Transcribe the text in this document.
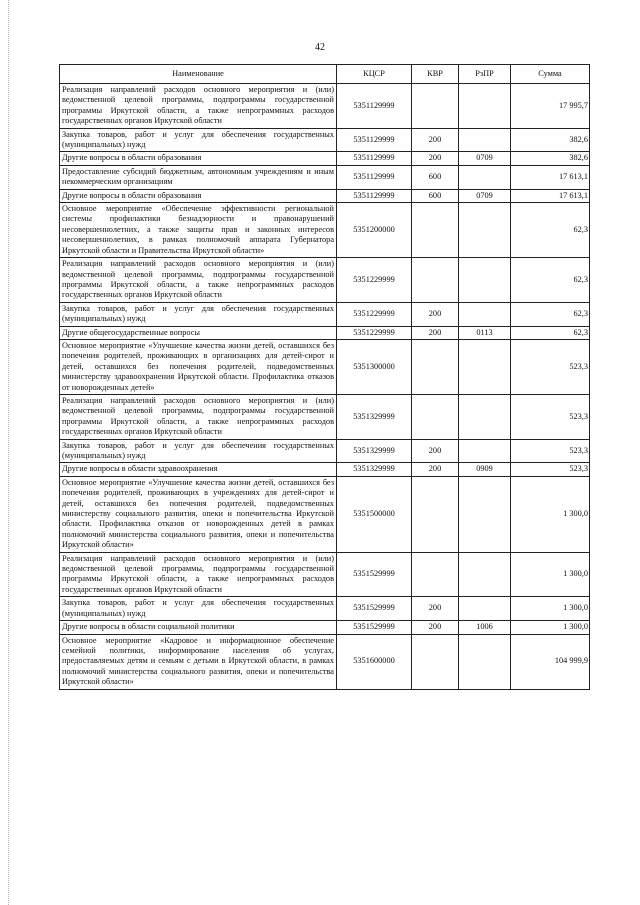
42
Наименование	КЦСР	КВР	РзПР	Сумма
Реализация направлений расходов основного мероприятия и (или) ведомственной целевой программы, подпрограммы государственной программы Иркутской области, а также непрограммных расходов государственных органов Иркутской области	5351129999			17 995,7
Закупка товаров, работ и услуг для обеспечения государственных (муниципальных) нужд	5351129999	200		382,6
Другие вопросы в области образования	5351129999	200	0709	382,6
Предоставление субсидий бюджетным, автономным учреждениям и иным некоммерческим организациям	5351129999	600		17 613,1
Другие вопросы в области образования	5351129999	600	0709	17 613,1
Основное мероприятие «Обеспечение эффективности региональной системы профилактики безнадзорности и правонарушений несовершеннолетних, а также защиты прав и законных интересов несовершеннолетних, в рамках полномочий аппарата Губернатора Иркутской области и Правительства Иркутской области»	5351200000			62,3
Реализация направлений расходов основного мероприятия и (или) ведомственной целевой программы, подпрограммы государственной программы Иркутской области, а также непрограммных расходов государственных органов Иркутской области	5351229999			62,3
Закупка товаров, работ и услуг для обеспечения государственных (муниципальных) нужд	5351229999	200		62,3
Другие общегосударственные вопросы	5351229999	200	0113	62,3
Основное мероприятие «Улучшение качества жизни детей, оставшихся без попечения родителей, проживающих в организациях для детей-сирот и детей, оставшихся без попечения родителей, подведомственных министерству здравоохранения Иркутской области. Профилактика отказов от новорожденных детей»	5351300000			523,3
Реализация направлений расходов основного мероприятия и (или) ведомственной целевой программы, подпрограммы государственной программы Иркутской области, а также непрограммных расходов государственных органов Иркутской области	5351329999			523,3
Закупка товаров, работ и услуг для обеспечения государственных (муниципальных) нужд	5351329999	200		523,3
Другие вопросы в области здравоохранения	5351329999	200	0909	523,3
Основное мероприятие «Улучшение качества жизни детей, оставшихся без попечения родителей, проживающих в учреждениях для детей-сирот и детей, оставшихся без попечения родителей, подведомственных министерству социального развития, опеки и попечительства Иркутской области. Профилактика отказов от новорожденных детей в рамках полномочий министерства социального развития, опеки и попечительства Иркутской области»	5351500000			1 300,0
Реализация направлений расходов основного мероприятия и (или) ведомственной целевой программы, подпрограммы государственной программы Иркутской области, а также непрограммных расходов государственных органов Иркутской области	5351529999			1 300,0
Закупка товаров, работ и услуг для обеспечения государственных (муниципальных) нужд	5351529999	200		1 300,0
Другие вопросы в области социальной политики	5351529999	200	1006	1 300,0
Основное мероприятие «Кадровое и информационное обеспечение семейной политики, информирование населения об услугах, предоставляемых детям и семьям с детьми в Иркутской области, в рамках полномочий министерства социального развития, опеки и попечительства Иркутской области»	5351600000			104 999,9
